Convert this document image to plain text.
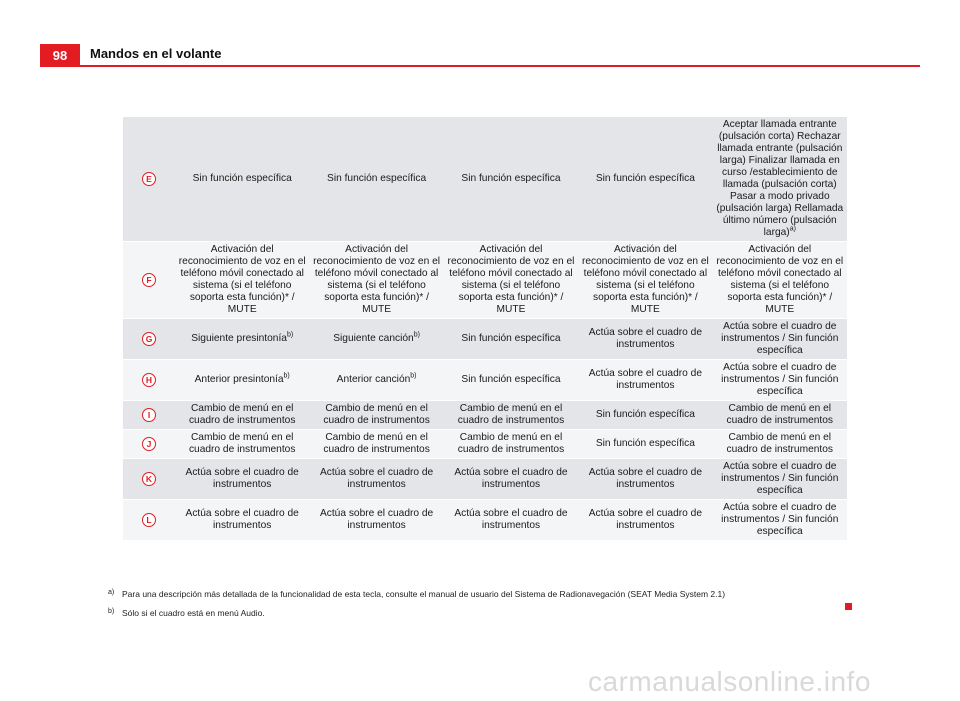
98	Mandos en el volante
E	Sin función específica	Sin función específica	Sin función específica	Sin función específica	Aceptar llamada entrante (pulsación corta) Rechazar llamada entrante (pulsación larga) Finalizar llamada en curso /establecimiento de llamada (pulsación corta) Pasar a modo privado (pulsación larga) Rellamada último número (pulsación larga)$^{a)}$
F	Activación del reconocimiento de voz en el teléfono móvil conectado al sistema (si el teléfono soporta esta función)* / MUTE	Activación del reconocimiento de voz en el teléfono móvil conectado al sistema (si el teléfono soporta esta función)* / MUTE	Activación del reconocimiento de voz en el teléfono móvil conectado al sistema (si el teléfono soporta esta función)* / MUTE	Activación del reconocimiento de voz en el teléfono móvil conectado al sistema (si el teléfono soporta esta función)* / MUTE	Activación del reconocimiento de voz en el teléfono móvil conectado al sistema (si el teléfono soporta esta función)* / MUTE
G	Siguiente presintonía$^{b)}$	Siguiente canción$^{b)}$	Sin función específica	Actúa sobre el cuadro de instrumentos	Actúa sobre el cuadro de instrumentos / Sin función específica
H	Anterior presintonía$^{b)}$	Anterior canción$^{b)}$	Sin función específica	Actúa sobre el cuadro de instrumentos	Actúa sobre el cuadro de instrumentos / Sin función específica
I	Cambio de menú en el cuadro de instrumentos	Cambio de menú en el cuadro de instrumentos	Cambio de menú en el cuadro de instrumentos	Sin función específica	Cambio de menú en el cuadro de instrumentos
J	Cambio de menú en el cuadro de instrumentos	Cambio de menú en el cuadro de instrumentos	Cambio de menú en el cuadro de instrumentos	Sin función específica	Cambio de menú en el cuadro de instrumentos
K	Actúa sobre el cuadro de instrumentos	Actúa sobre el cuadro de instrumentos	Actúa sobre el cuadro de instrumentos	Actúa sobre el cuadro de instrumentos	Actúa sobre el cuadro de instrumentos / Sin función específica
L	Actúa sobre el cuadro de instrumentos	Actúa sobre el cuadro de instrumentos	Actúa sobre el cuadro de instrumentos	Actúa sobre el cuadro de instrumentos	Actúa sobre el cuadro de instrumentos / Sin función específica
a) Para una descripción más detallada de la funcionalidad de esta tecla, consulte el manual de usuario del Sistema de Radionavegación (SEAT Media System 2.1)
b) Sólo si el cuadro está en menú Audio.
carmanualsonline.info
